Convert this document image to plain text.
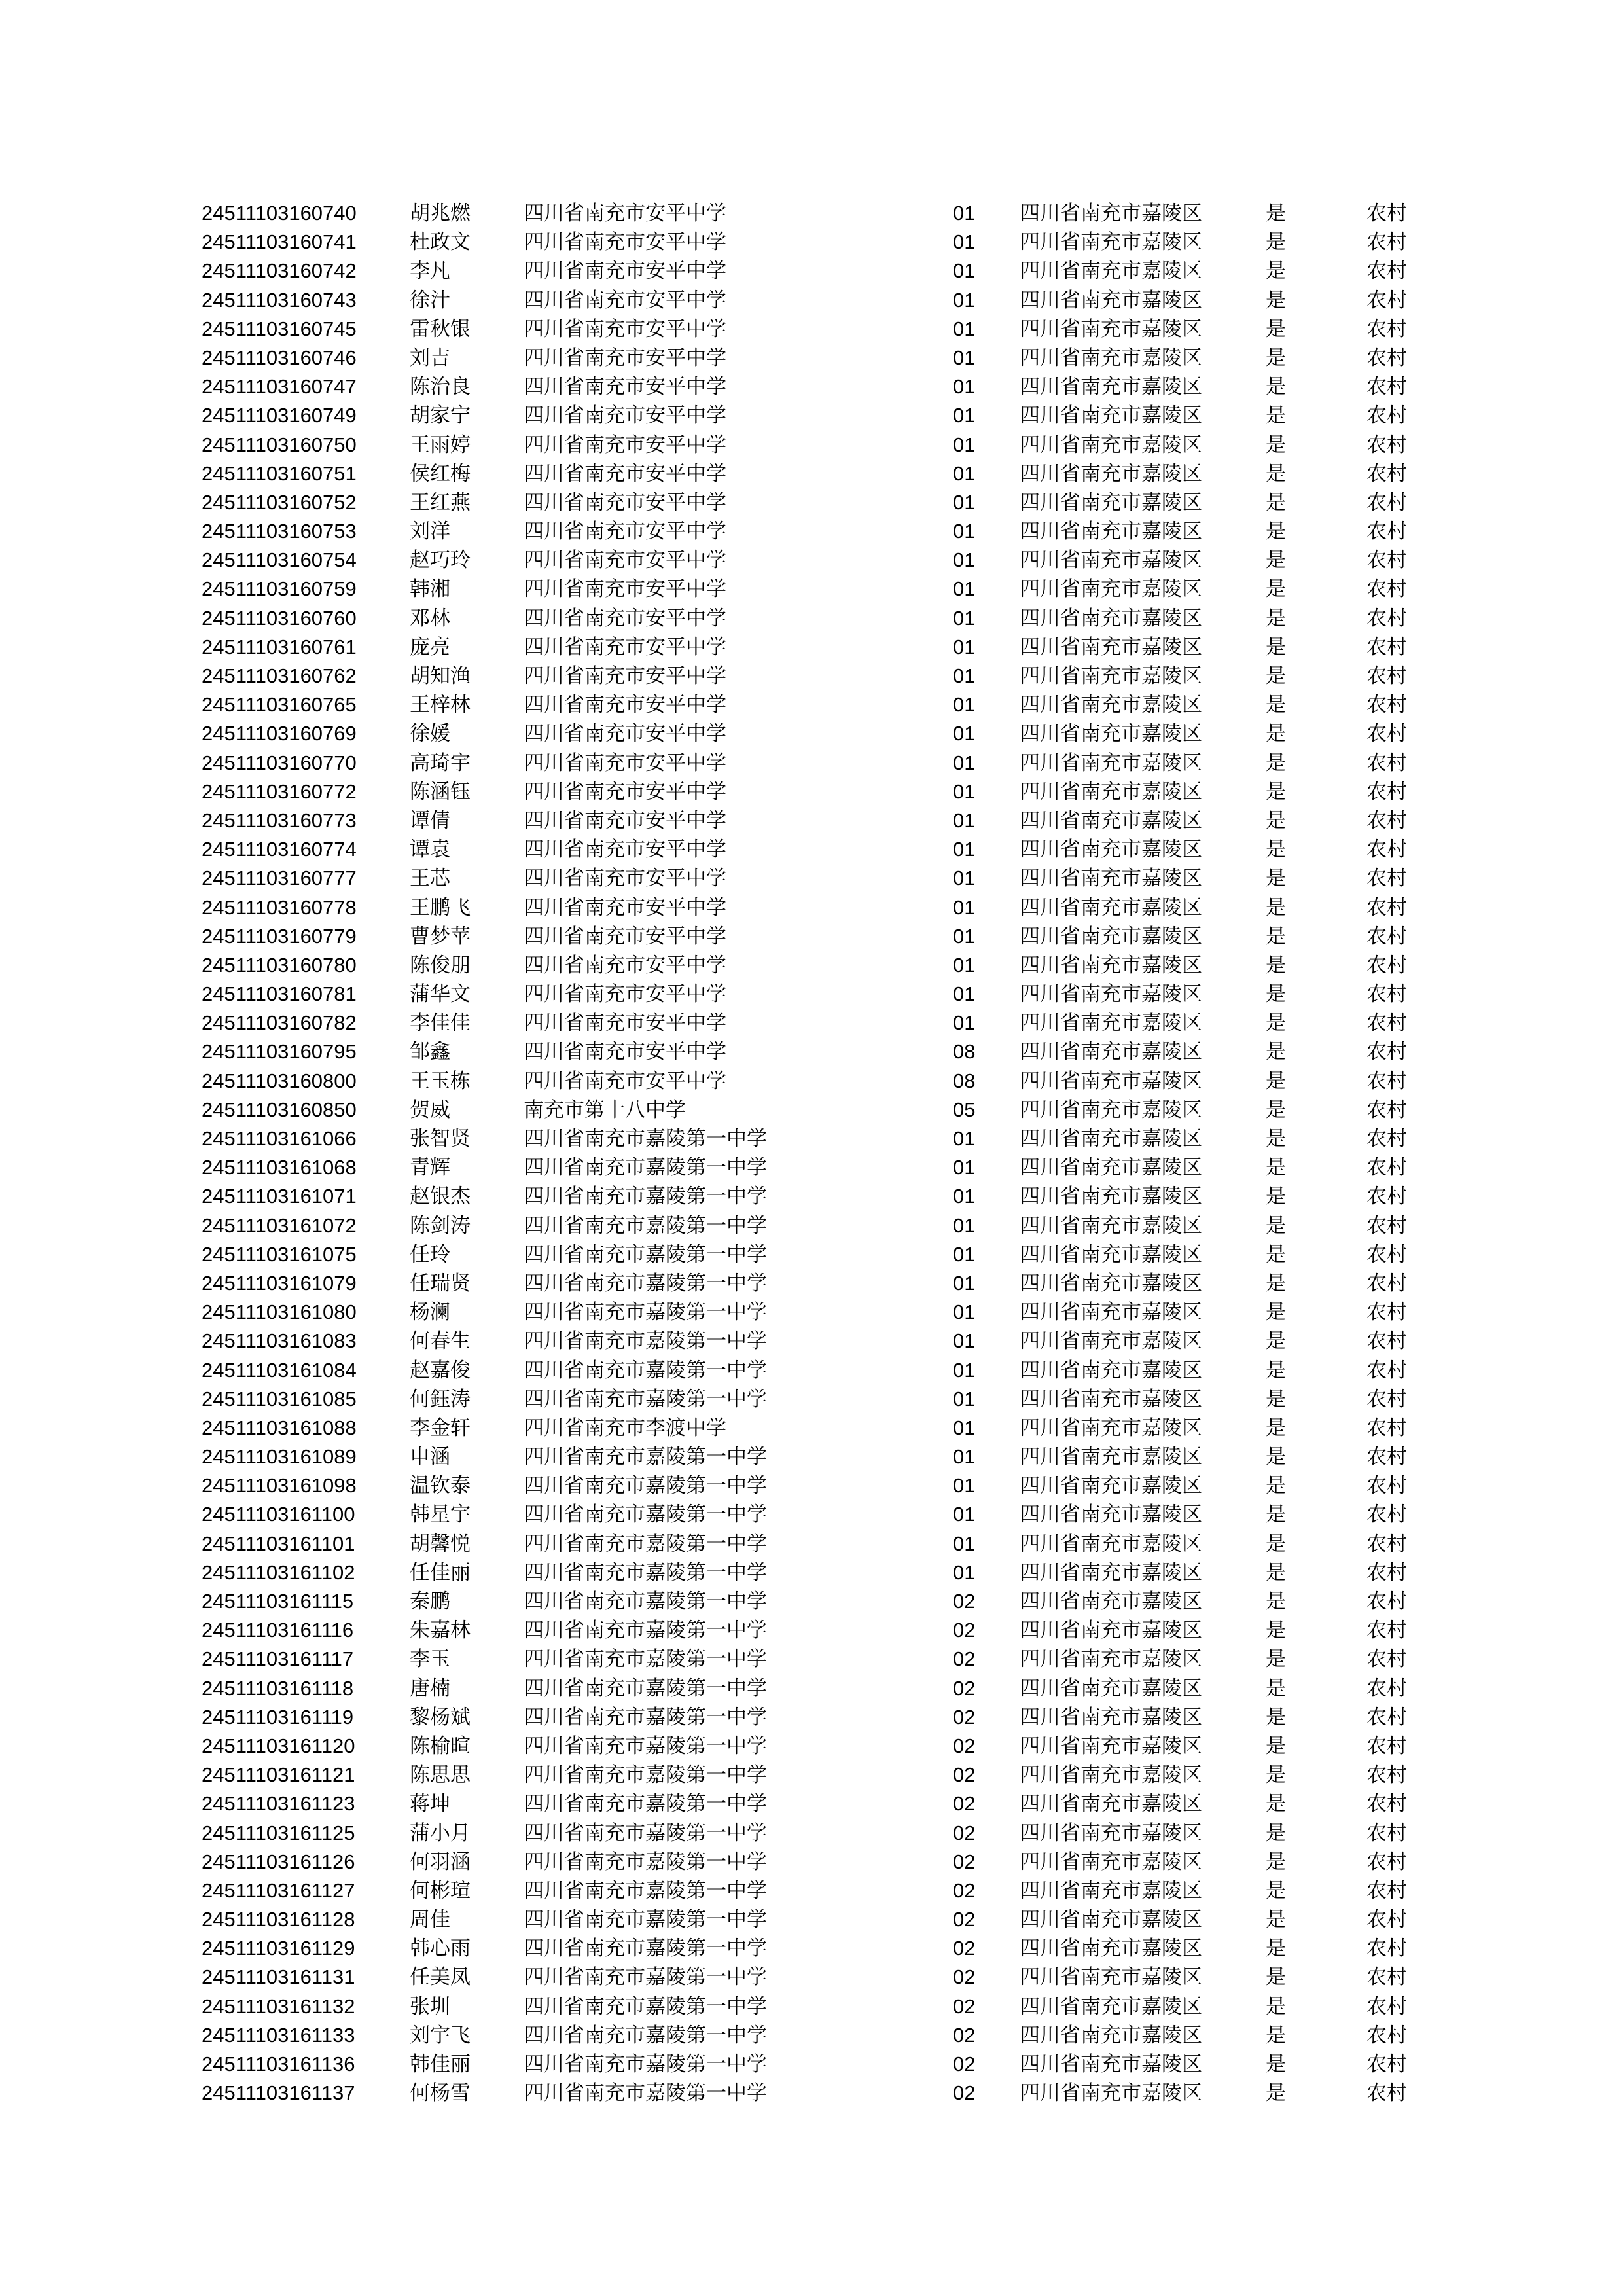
24511103160740	胡兆燃	四川省南充市安平中学	01 四川省南充市嘉陵区	是	农村
24511103160741	杜政文	四川省南充市安平中学	01 四川省南充市嘉陵区	是	农村
24511103160742	李凡	四川省南充市安平中学	01 四川省南充市嘉陵区	是	农村
24511103160743	徐汁	四川省南充市安平中学	01 四川省南充市嘉陵区	是	农村
24511103160745	雷秋银	四川省南充市安平中学	01 四川省南充市嘉陵区	是	农村
24511103160746	刘吉	四川省南充市安平中学	01 四川省南充市嘉陵区	是	农村
24511103160747	陈治良	四川省南充市安平中学	01 四川省南充市嘉陵区	是	农村
24511103160749	胡家宁	四川省南充市安平中学	01 四川省南充市嘉陵区	是	农村
24511103160750	王雨婷	四川省南充市安平中学	01 四川省南充市嘉陵区	是	农村
24511103160751	侯红梅	四川省南充市安平中学	01 四川省南充市嘉陵区	是	农村
24511103160752	王红燕	四川省南充市安平中学	01 四川省南充市嘉陵区	是	农村
24511103160753	刘洋	四川省南充市安平中学	01 四川省南充市嘉陵区	是	农村
24511103160754	赵巧玲	四川省南充市安平中学	01 四川省南充市嘉陵区	是	农村
24511103160759	韩湘	四川省南充市安平中学	01 四川省南充市嘉陵区	是	农村
24511103160760	邓林	四川省南充市安平中学	01 四川省南充市嘉陵区	是	农村
24511103160761	庞亮	四川省南充市安平中学	01 四川省南充市嘉陵区	是	农村
24511103160762	胡知渔	四川省南充市安平中学	01 四川省南充市嘉陵区	是	农村
24511103160765	王梓林	四川省南充市安平中学	01 四川省南充市嘉陵区	是	农村
24511103160769	徐媛	四川省南充市安平中学	01 四川省南充市嘉陵区	是	农村
24511103160770	高琦宇	四川省南充市安平中学	01 四川省南充市嘉陵区	是	农村
24511103160772	陈涵钰	四川省南充市安平中学	01 四川省南充市嘉陵区	是	农村
24511103160773	谭倩	四川省南充市安平中学	01 四川省南充市嘉陵区	是	农村
24511103160774	谭袁	四川省南充市安平中学	01 四川省南充市嘉陵区	是	农村
24511103160777	王芯	四川省南充市安平中学	01 四川省南充市嘉陵区	是	农村
24511103160778	王鹏飞	四川省南充市安平中学	01 四川省南充市嘉陵区	是	农村
24511103160779	曹梦苹	四川省南充市安平中学	01 四川省南充市嘉陵区	是	农村
24511103160780	陈俊朋	四川省南充市安平中学	01 四川省南充市嘉陵区	是	农村
24511103160781	蒲华文	四川省南充市安平中学	01 四川省南充市嘉陵区	是	农村
24511103160782	李佳佳	四川省南充市安平中学	01 四川省南充市嘉陵区	是	农村
24511103160795	邹鑫	四川省南充市安平中学	08 四川省南充市嘉陵区	是	农村
24511103160800	王玉栋	四川省南充市安平中学	08 四川省南充市嘉陵区	是	农村
24511103160850	贺威	南充市第十八中学	05 四川省南充市嘉陵区	是	农村
24511103161066	张智贤	四川省南充市嘉陵第一中学	01 四川省南充市嘉陵区	是	农村
24511103161068	青辉	四川省南充市嘉陵第一中学	01 四川省南充市嘉陵区	是	农村
24511103161071	赵银杰	四川省南充市嘉陵第一中学	01 四川省南充市嘉陵区	是	农村
24511103161072	陈剑涛	四川省南充市嘉陵第一中学	01 四川省南充市嘉陵区	是	农村
24511103161075	任玲	四川省南充市嘉陵第一中学	01 四川省南充市嘉陵区	是	农村
24511103161079	任瑞贤	四川省南充市嘉陵第一中学	01 四川省南充市嘉陵区	是	农村
24511103161080	杨澜	四川省南充市嘉陵第一中学	01 四川省南充市嘉陵区	是	农村
24511103161083	何春生	四川省南充市嘉陵第一中学	01 四川省南充市嘉陵区	是	农村
24511103161084	赵嘉俊	四川省南充市嘉陵第一中学	01 四川省南充市嘉陵区	是	农村
24511103161085	何鈺涛	四川省南充市嘉陵第一中学	01 四川省南充市嘉陵区	是	农村
24511103161088	李金轩	四川省南充市李渡中学	01 四川省南充市嘉陵区	是	农村
24511103161089	申涵	四川省南充市嘉陵第一中学	01 四川省南充市嘉陵区	是	农村
24511103161098	温钦泰	四川省南充市嘉陵第一中学	01 四川省南充市嘉陵区	是	农村
24511103161100	韩星宇	四川省南充市嘉陵第一中学	01 四川省南充市嘉陵区	是	农村
24511103161101	胡馨悦	四川省南充市嘉陵第一中学	01 四川省南充市嘉陵区	是	农村
24511103161102	任佳丽	四川省南充市嘉陵第一中学	01 四川省南充市嘉陵区	是	农村
24511103161115	秦鹏	四川省南充市嘉陵第一中学	02 四川省南充市嘉陵区	是	农村
24511103161116	朱嘉林	四川省南充市嘉陵第一中学	02 四川省南充市嘉陵区	是	农村
24511103161117	李玉	四川省南充市嘉陵第一中学	02 四川省南充市嘉陵区	是	农村
24511103161118	唐楠	四川省南充市嘉陵第一中学	02 四川省南充市嘉陵区	是	农村
24511103161119	黎杨斌	四川省南充市嘉陵第一中学	02 四川省南充市嘉陵区	是	农村
24511103161120	陈榆暄	四川省南充市嘉陵第一中学	02 四川省南充市嘉陵区	是	农村
24511103161121	陈思思	四川省南充市嘉陵第一中学	02 四川省南充市嘉陵区	是	农村
24511103161123	蒋坤	四川省南充市嘉陵第一中学	02 四川省南充市嘉陵区	是	农村
24511103161125	蒲小月	四川省南充市嘉陵第一中学	02 四川省南充市嘉陵区	是	农村
24511103161126	何羽涵	四川省南充市嘉陵第一中学	02 四川省南充市嘉陵区	是	农村
24511103161127	何彬瑄	四川省南充市嘉陵第一中学	02 四川省南充市嘉陵区	是	农村
24511103161128	周佳	四川省南充市嘉陵第一中学	02 四川省南充市嘉陵区	是	农村
24511103161129	韩心雨	四川省南充市嘉陵第一中学	02 四川省南充市嘉陵区	是	农村
24511103161131	任美凤	四川省南充市嘉陵第一中学	02 四川省南充市嘉陵区	是	农村
24511103161132	张圳	四川省南充市嘉陵第一中学	02 四川省南充市嘉陵区	是	农村
24511103161133	刘宇飞	四川省南充市嘉陵第一中学	02 四川省南充市嘉陵区	是	农村
24511103161136	韩佳丽	四川省南充市嘉陵第一中学	02 四川省南充市嘉陵区	是	农村
24511103161137	何杨雪	四川省南充市嘉陵第一中学	02 四川省南充市嘉陵区	是	农村
